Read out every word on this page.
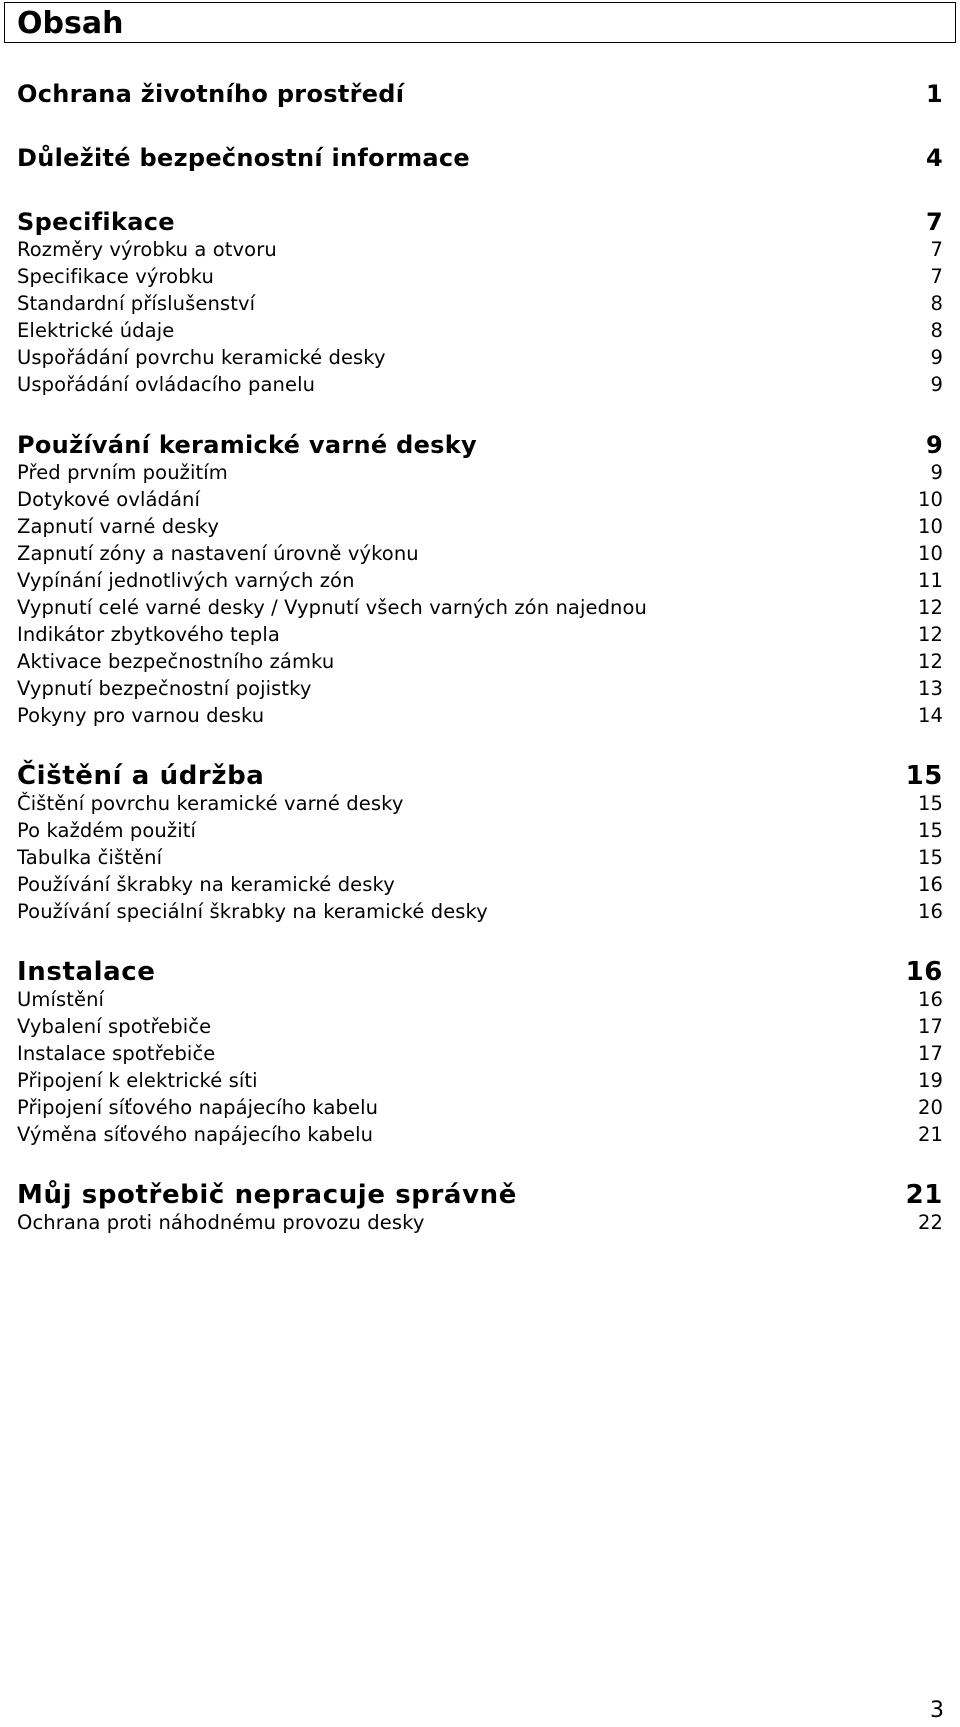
Obsah
Ochrana životního prostředí	1
Důležité bezpečnostní informace	4
Specifikace	7
Rozměry výrobku a otvoru	7
Specifikace výrobku	7
Standardní příslušenství	8
Elektrické údaje	8
Uspořádání povrchu keramické desky	9
Uspořádání ovládacího panelu	9
Používání keramické varné desky	9
Před prvním použitím	9
Dotykové ovládání	10
Zapnutí varné desky	10
Zapnutí zóny a nastavení úrovně výkonu	10
Vypínání jednotlivých varných zón	11
Vypnutí celé varné desky / Vypnutí všech varných zón najednou	12
Indikátor zbytkového tepla	12
Aktivace bezpečnostního zámku	12
Vypnutí bezpečnostní pojistky	13
Pokyny pro varnou desku	14
Čištění a údržba	15
Čištění povrchu keramické varné desky	15
Po každém použití	15
Tabulka čištění	15
Používání škrabky na keramické desky	16
Používání speciální škrabky na keramické desky	16
Instalace	16
Umístění	16
Vybalení spotřebiče	17
Instalace spotřebiče	17
Připojení k elektrické síti	19
Připojení síťového napájecího kabelu	20
Výměna síťového napájecího kabelu	21
Můj spotřebič nepracuje správně	21
Ochrana proti náhodnému provozu desky	22
3
